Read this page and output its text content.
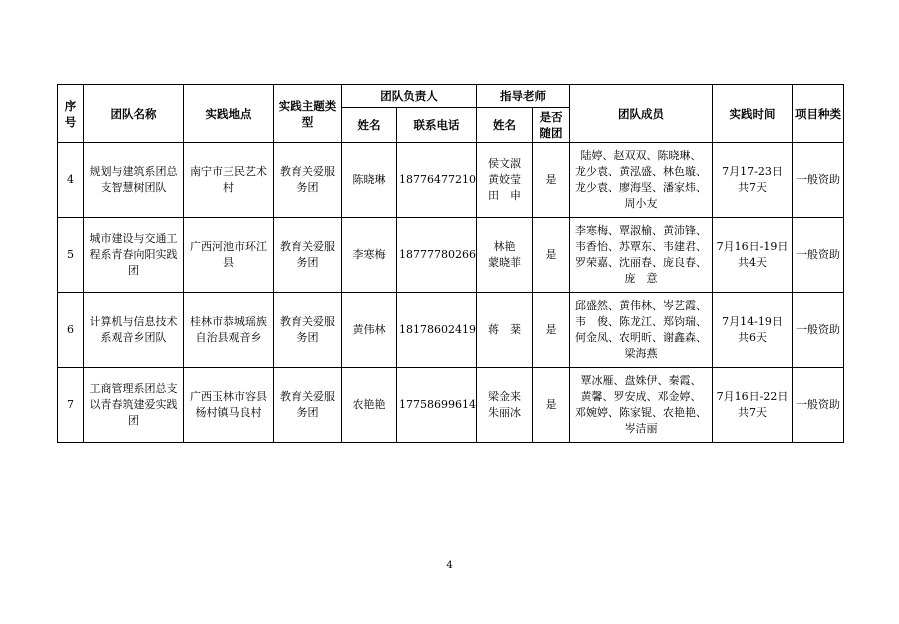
序号	团队名称	实践地点	实践主题类型	团队负责人		指导老师		团队成员	实践时间	项目种类
				姓名	联系电话	姓名	是否随团			
4	规划与建筑系团总支智慧树团队	南宁市三民艺术村	教育关爱服务团	陈晓琳	18776477210	侯文淑
黄姣莹
田　申	是	陆婷、赵双双、陈晓琳、
龙少袁、黄泓盛、林色璇、
龙少袁、廖海坚、潘家炜、
周小友	7月17-23日
共7天	一般资助
5	城市建设与交通工程系青春向阳实践团	广西河池市环江县	教育关爱服务团	李寒梅	18777780266	林艳
蒙晓菲	是	李寒梅、覃淑榆、黄沛锋、
韦香怡、苏覃东、韦建君、
罗荣嘉、沈丽春、庞良春、
庞　意	7月16日-19日
共4天	一般资助
6	计算机与信息技术系观音乡团队	桂林市恭城瑶族自治县观音乡	教育关爱服务团	黄伟林	18178602419	蒋　棻	是	邱盛然、黄伟林、岑艺霞、
韦　俊、陈龙江、郑钧瑞、
何金凤、农明昕、谢鑫森、
梁海燕	7月14-19日
共6天	一般资助
7	工商管理系团总支以青春筑建爱实践团	广西玉林市容县杨村镇马良村	教育关爱服务团	农艳艳	17758699614	梁金来
朱丽冰	是	覃冰雁、盘姝伊、秦霞、
黄馨、罗安成、邓金婷、
邓婉婷、陈家锟、农艳艳、
岑洁丽	7月16日-22日
共7天	一般资助
4
